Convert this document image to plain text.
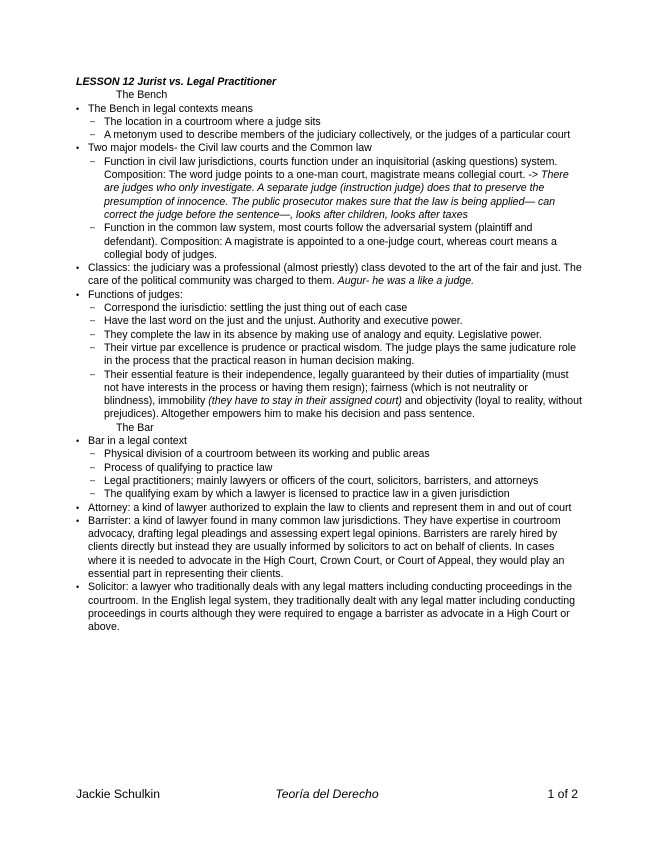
LESSON 12 Jurist vs. Legal Practitioner
The Bench
• The Bench in legal contexts means
‒ The location in a courtroom where a judge sits
‒ A metonym used to describe members of the judiciary collectively, or the judges of a particular court
• Two major models- the Civil law courts and the Common law
‒ Function in civil law jurisdictions, courts function under an inquisitorial (asking questions) system. Composition: The word judge points to a one-man court, magistrate means collegial court. -> There are judges who only investigate. A separate judge (instruction judge) does that to preserve the presumption of innocence. The public prosecutor makes sure that the law is being applied— can correct the judge before the sentence—, looks after children, looks after taxes
‒ Function in the common law system, most courts follow the adversarial system (plaintiff and defendant). Composition: A magistrate is appointed to a one-judge court, whereas court means a collegial body of judges.
• Classics: the judiciary was a professional (almost priestly) class devoted to the art of the fair and just. The care of the political community was charged to them. Augur- he was a like a judge.
• Functions of judges:
‒ Correspond the iurisdictio: settling the just thing out of each case
‒ Have the last word on the just and the unjust. Authority and executive power.
‒ They complete the law in its absence by making use of analogy and equity. Legislative power.
‒ Their virtue par excellence is prudence or practical wisdom. The judge plays the same judicature role in the process that the practical reason in human decision making.
‒ Their essential feature is their independence, legally guaranteed by their duties of impartiality (must not have interests in the process or having them resign); fairness (which is not neutrality or blindness), immobility (they have to stay in their assigned court) and objectivity (loyal to reality, without prejudices). Altogether empowers him to make his decision and pass sentence.
The Bar
• Bar in a legal context
‒ Physical division of a courtroom between its working and public areas
‒ Process of qualifying to practice law
‒ Legal practitioners; mainly lawyers or officers of the court, solicitors, barristers, and attorneys
‒ The qualifying exam by which a lawyer is licensed to practice law in a given jurisdiction
• Attorney: a kind of lawyer authorized to explain the law to clients and represent them in and out of court
• Barrister: a kind of lawyer found in many common law jurisdictions. They have expertise in courtroom advocacy, drafting legal pleadings and assessing expert legal opinions. Barristers are rarely hired by clients directly but instead they are usually informed by solicitors to act on behalf of clients. In cases where it is needed to advocate in the High Court, Crown Court, or Court of Appeal, they would play an essential part in representing their clients.
• Solicitor: a lawyer who traditionally deals with any legal matters including conducting proceedings in the courtroom. In the English legal system, they traditionally dealt with any legal matter including conducting proceedings in courts although they were required to engage a barrister as advocate in a High Court or above.
Jackie Schulkin	Teoría del Derecho	1 of 2
